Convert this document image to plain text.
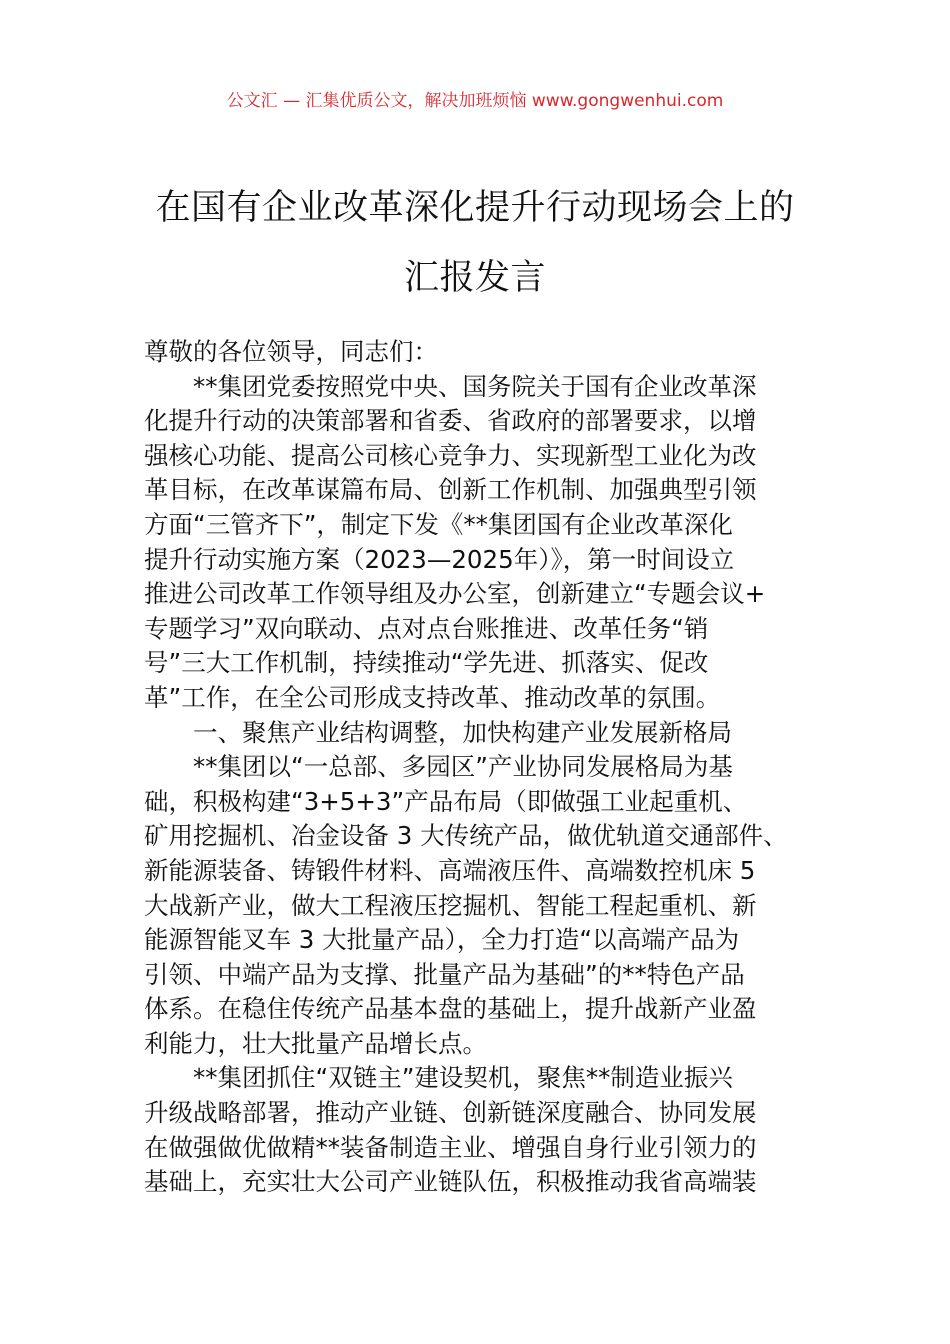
公文汇 — 汇集优质公文，解决加班烦恼 www.gongwenhui.com
在国有企业改革深化提升行动现场会上的
汇报发言
尊敬的各位领导，同志们：
**集团党委按照党中央、国务院关于国有企业改革深
化提升行动的决策部署和省委、省政府的部署要求，以增
强核心功能、提高公司核心竞争力、实现新型工业化为改
革目标，在改革谋篇布局、创新工作机制、加强典型引领
方面“三管齐下”，制定下发《**集团国有企业改革深化
提升行动实施方案（2023—2025年）》，第一时间设立
推进公司改革工作领导组及办公室，创新建立“专题会议+
专题学习”双向联动、点对点台账推进、改革任务“销
号”三大工作机制，持续推动“学先进、抓落实、促改
革”工作，在全公司形成支持改革、推动改革的氛围。
一、聚焦产业结构调整，加快构建产业发展新格局
**集团以“一总部、多园区”产业协同发展格局为基
础，积极构建“3+5+3”产品布局（即做强工业起重机、
矿用挖掘机、冶金设备 3 大传统产品，做优轨道交通部件、
新能源装备、铸锻件材料、高端液压件、高端数控机床 5
大战新产业，做大工程液压挖掘机、智能工程起重机、新
能源智能叉车 3 大批量产品），全力打造“以高端产品为
引领、中端产品为支撑、批量产品为基础”的**特色产品
体系。在稳住传统产品基本盘的基础上，提升战新产业盈
利能力，壮大批量产品增长点。
**集团抓住“双链主”建设契机，聚焦**制造业振兴
升级战略部署，推动产业链、创新链深度融合、协同发展
在做强做优做精**装备制造主业、增强自身行业引领力的
基础上，充实壮大公司产业链队伍，积极推动我省高端装
